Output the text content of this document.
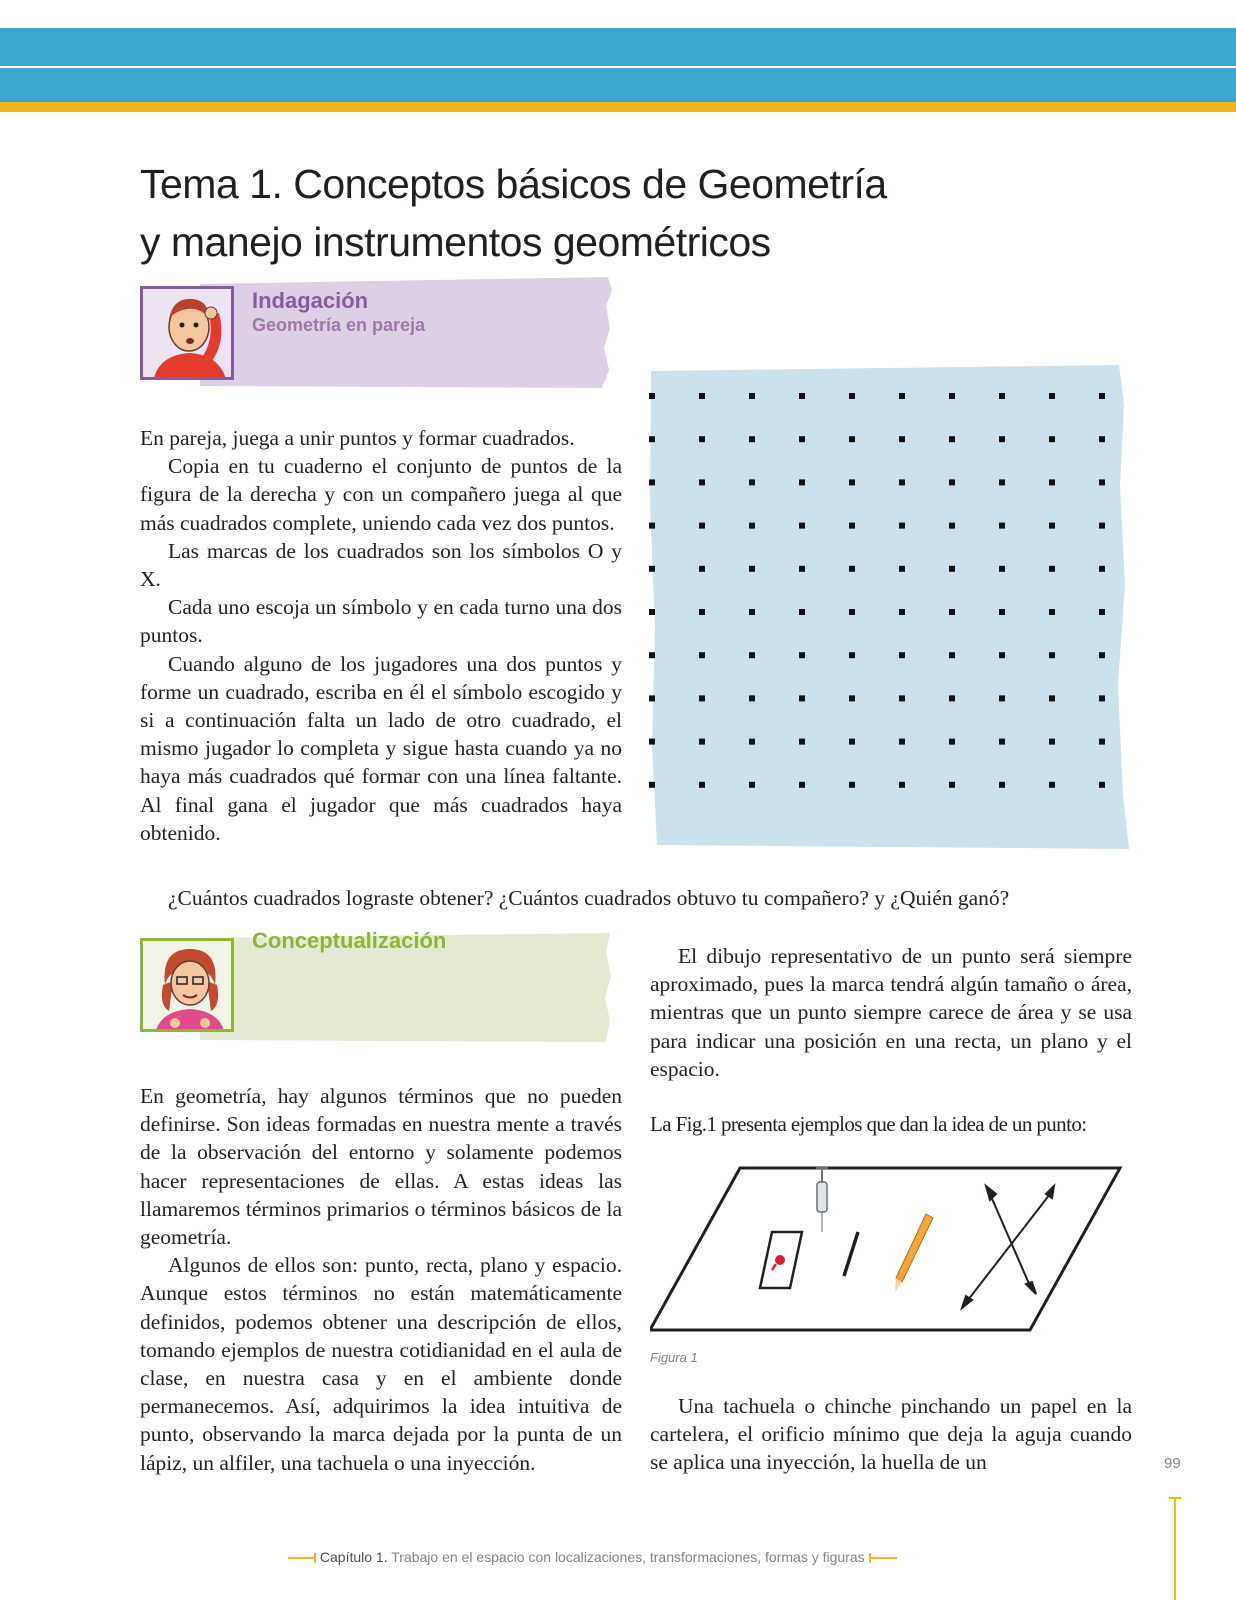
Tema 1. Conceptos básicos de Geometría
y manejo instrumentos geométricos
Indagación
Geometría en pareja

En pareja, juega a unir puntos y formar cuadrados.

Copia en tu cuaderno el conjunto de puntos de la figura de la derecha y con un compañero juega al que más cuadrados complete, uniendo cada vez dos puntos.

Las marcas de los cuadrados son los símbolos O y X.

Cada uno escoja un símbolo y en cada turno una dos puntos.

Cuando alguno de los jugadores una dos puntos y forme un cuadrado, escriba en él el símbolo escogido y si a continuación falta un lado de otro cuadrado, el mismo jugador lo completa y sigue hasta cuando ya no haya más cuadrados qué formar con una línea faltante. Al final gana el jugador que más cuadrados haya obtenido.

¿Cuántos cuadrados lograste obtener? ¿Cuántos cuadrados obtuvo tu compañero? y ¿Quién ganó?

Conceptualización

En geometría, hay algunos términos que no pueden definirse. Son ideas formadas en nuestra mente a través de la observación del entorno y solamente podemos hacer representaciones de ellas. A estas ideas las llamaremos términos primarios o términos básicos de la geometría.

Algunos de ellos son: punto, recta, plano y espacio. Aunque estos términos no están matemáticamente definidos, podemos obtener una descripción de ellos, tomando ejemplos de nuestra cotidianidad en el aula de clase, en nuestra casa y en el ambiente donde permanecemos. Así, adquirimos la idea intuitiva de punto, observando la marca dejada por la punta de un lápiz, un alfiler, una tachuela o una inyección.

El dibujo representativo de un punto será siempre aproximado, pues la marca tendrá algún tamaño o área, mientras que un punto siempre carece de área y se usa para indicar una posición en una recta, un plano y el espacio.

La Fig.1 presenta ejemplos que dan la idea de un punto:

Figura 1

Una tachuela o chinche pinchando un papel en la cartelera, el orificio mínimo que deja la aguja cuando se aplica una inyección, la huella de un	99

Capítulo 1. Trabajo en el espacio con localizaciones, transformaciones, formas y figuras
